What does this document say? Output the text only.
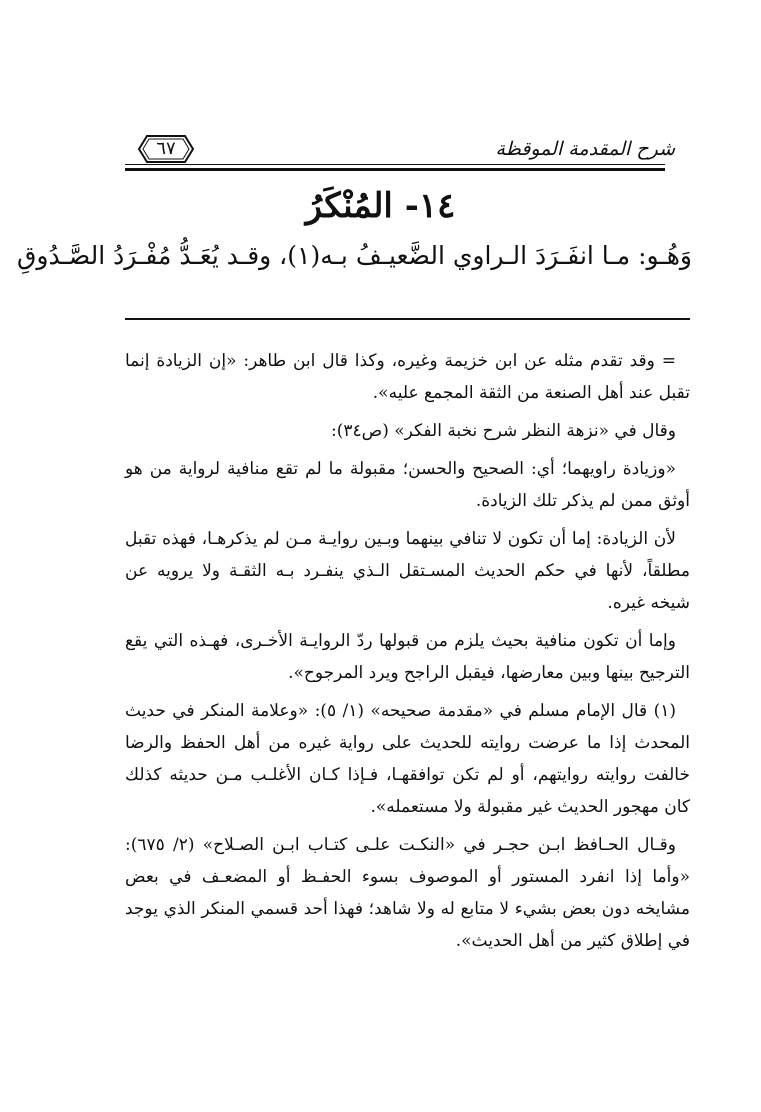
٦٧	شرح المقدمة الموقظة
١٤- المُنْكَرُ
وَهُـو: مـا انفَـرَدَ الـراوي الضَّعيـفُ بـه(١)، وقـد يُعَـدُّ مُفْـرَدُ الصَّـدُوقِ

= وقد تقدم مثله عن ابن خزيمة وغيره، وكذا قال ابن طاهر: «إن الزيادة إنما تقبل عند أهل الصنعة من الثقة المجمع عليه».

وقال في «نزهة النظر شرح نخبة الفكر» (ص٣٤):

«وزيادة راويهما؛ أي: الصحيح والحسن؛ مقبولة ما لم تقع منافية لرواية من هو أوثق ممن لم يذكر تلك الزيادة.

لأن الزيادة: إما أن تكون لا تنافي بينهما وبـين روايـة مـن لم يذكرهـا، فهذه تقبل مطلقاً، لأنها في حكم الحديث المسـتقل الـذي ينفـرد بـه الثقـة ولا يرويه عن شيخه غيره.

وإما أن تكون منافية بحيث يلزم من قبولها ردّ الروايـة الأخـرى، فهـذه التي يقع الترجيح بينها وبين معارضها، فيقبل الراجح ويرد المرجوح».

(١) قال الإمام مسلم في «مقدمة صحيحه» (١/ ٥): «وعلامة المنكر في حديث المحدث إذا ما عرضت روايته للحديث على رواية غيره من أهل الحفظ والرضا خالفت روايته روايتهم، أو لم تكن توافقهـا، فـإذا كـان الأغلـب مـن حديثه كذلك كان مهجور الحديث غير مقبولة ولا مستعمله».

وقـال الحـافظ ابـن حجـر في «النكـت علـى كتـاب ابـن الصـلاح» (٢/ ٦٧٥): «وأما إذا انفرد المستور أو الموصوف بسوء الحفـظ أو المضعـف في بعض مشايخه دون بعض بشيء لا متابع له ولا شاهد؛ فهذا أحد قسمي المنكر الذي يوجد في إطلاق كثير من أهل الحديث».
